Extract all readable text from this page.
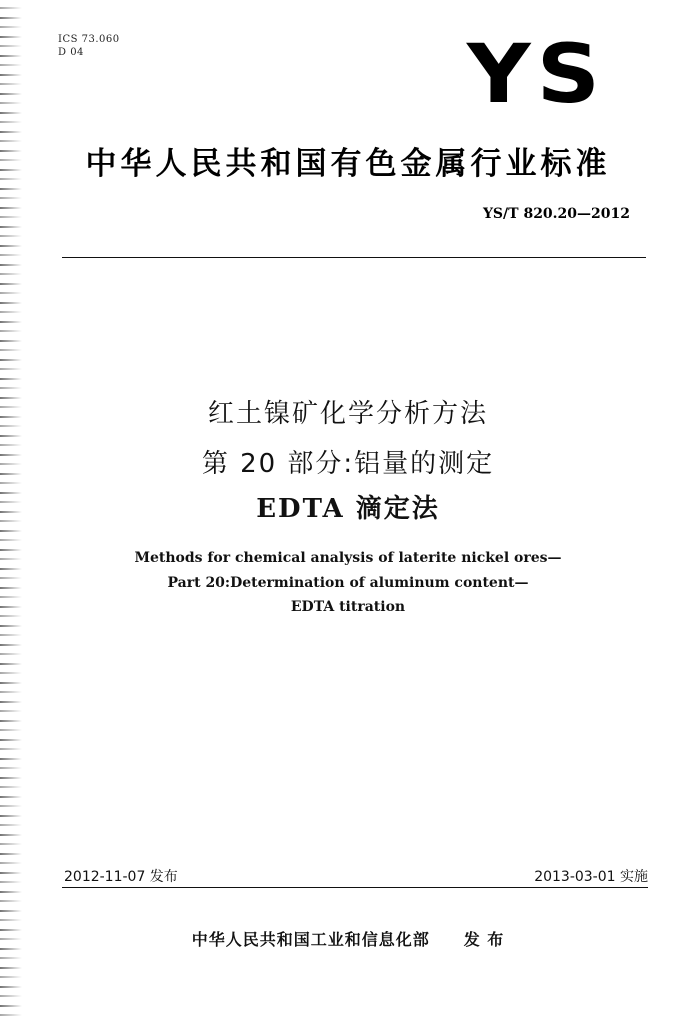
ICS 73.060
D 04	YS
中华人民共和国有色金属行业标准
YS/T 820.20—2012
红土镍矿化学分析方法
第 20 部分:铝量的测定
EDTA 滴定法
Methods for chemical analysis of laterite nickel ores—
Part 20:Determination of aluminum content—
EDTA titration
2012-11-07 发布	2013-03-01 实施
中华人民共和国工业和信息化部 发 布
